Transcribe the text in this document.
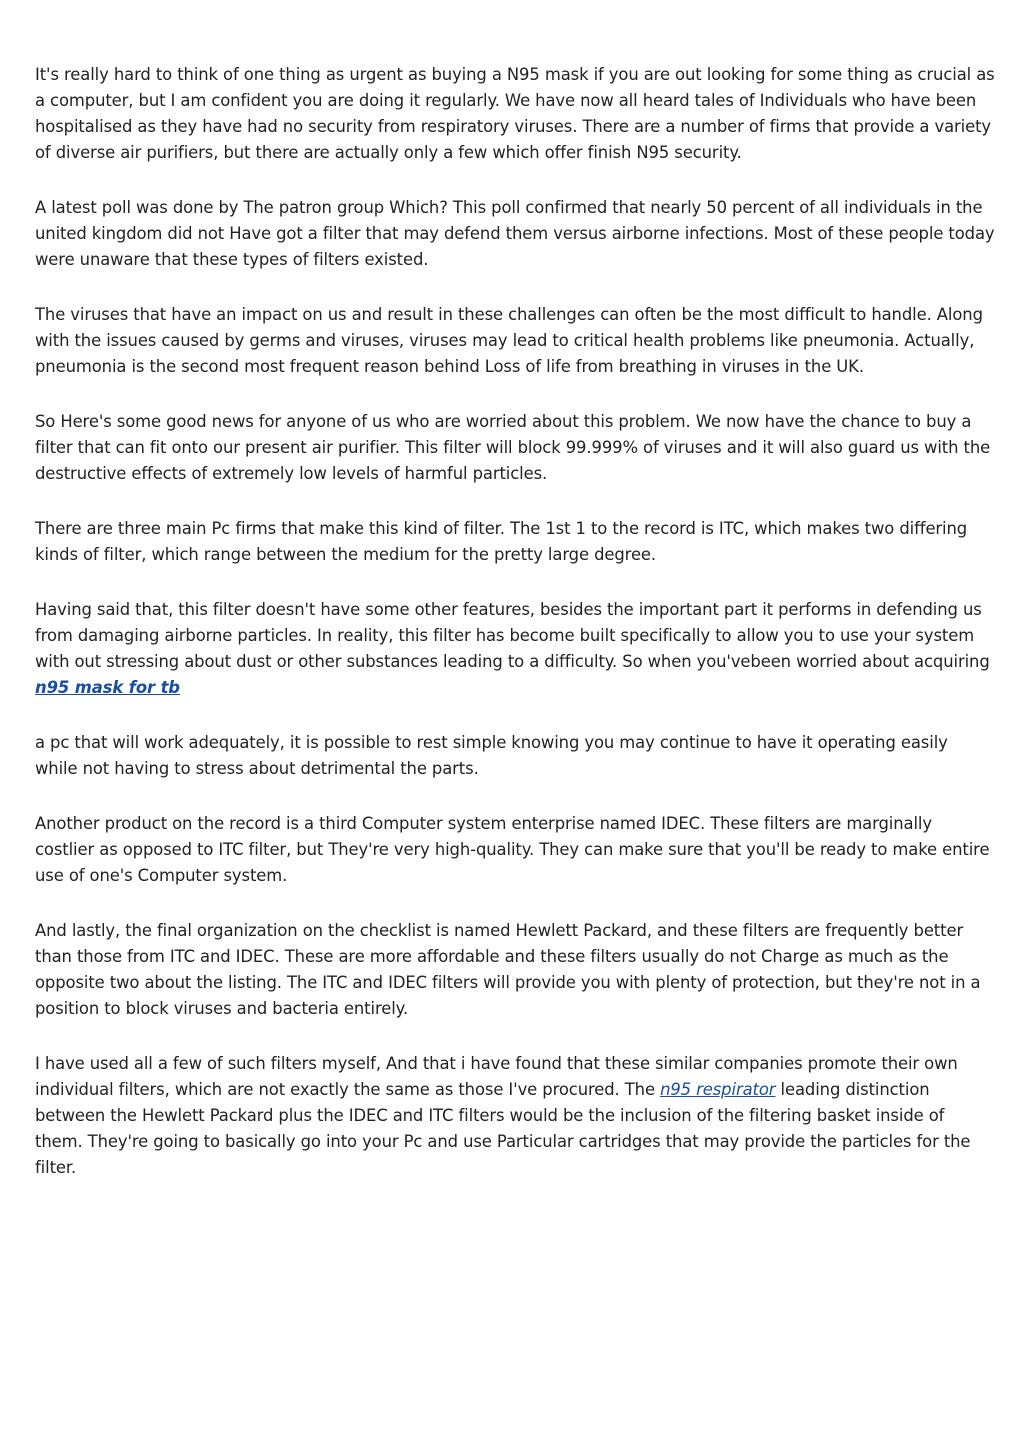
It's really hard to think of one thing as urgent as buying a N95 mask if you are out looking for some thing as crucial as a computer, but I am confident you are doing it regularly. We have now all heard tales of Individuals who have been hospitalised as they have had no security from respiratory viruses. There are a number of firms that provide a variety of diverse air purifiers, but there are actually only a few which offer finish N95 security.

A latest poll was done by The patron group Which? This poll confirmed that nearly 50 percent of all individuals in the united kingdom did not Have got a filter that may defend them versus airborne infections. Most of these people today were unaware that these types of filters existed.

The viruses that have an impact on us and result in these challenges can often be the most difficult to handle. Along with the issues caused by germs and viruses, viruses may lead to critical health problems like pneumonia. Actually, pneumonia is the second most frequent reason behind Loss of life from breathing in viruses in the UK.

So Here's some good news for anyone of us who are worried about this problem. We now have the chance to buy a filter that can fit onto our present air purifier. This filter will block 99.999% of viruses and it will also guard us with the destructive effects of extremely low levels of harmful particles.

There are three main Pc firms that make this kind of filter. The 1st 1 to the record is ITC, which makes two differing kinds of filter, which range between the medium for the pretty large degree.

Having said that, this filter doesn't have some other features, besides the important part it performs in defending us from damaging airborne particles. In reality, this filter has become built specifically to allow you to use your system with out stressing about dust or other substances leading to a difficulty. So when you'vebeen worried about acquiring n95 mask for tb

a pc that will work adequately, it is possible to rest simple knowing you may continue to have it operating easily while not having to stress about detrimental the parts.

Another product on the record is a third Computer system enterprise named IDEC. These filters are marginally costlier as opposed to ITC filter, but They're very high-quality. They can make sure that you'll be ready to make entire use of one's Computer system.

And lastly, the final organization on the checklist is named Hewlett Packard, and these filters are frequently better than those from ITC and IDEC. These are more affordable and these filters usually do not Charge as much as the opposite two about the listing. The ITC and IDEC filters will provide you with plenty of protection, but they're not in a position to block viruses and bacteria entirely.

I have used all a few of such filters myself, And that i have found that these similar companies promote their own individual filters, which are not exactly the same as those I've procured. The n95 respirator leading distinction between the Hewlett Packard plus the IDEC and ITC filters would be the inclusion of the filtering basket inside of them. They're going to basically go into your Pc and use Particular cartridges that may provide the particles for the filter.
